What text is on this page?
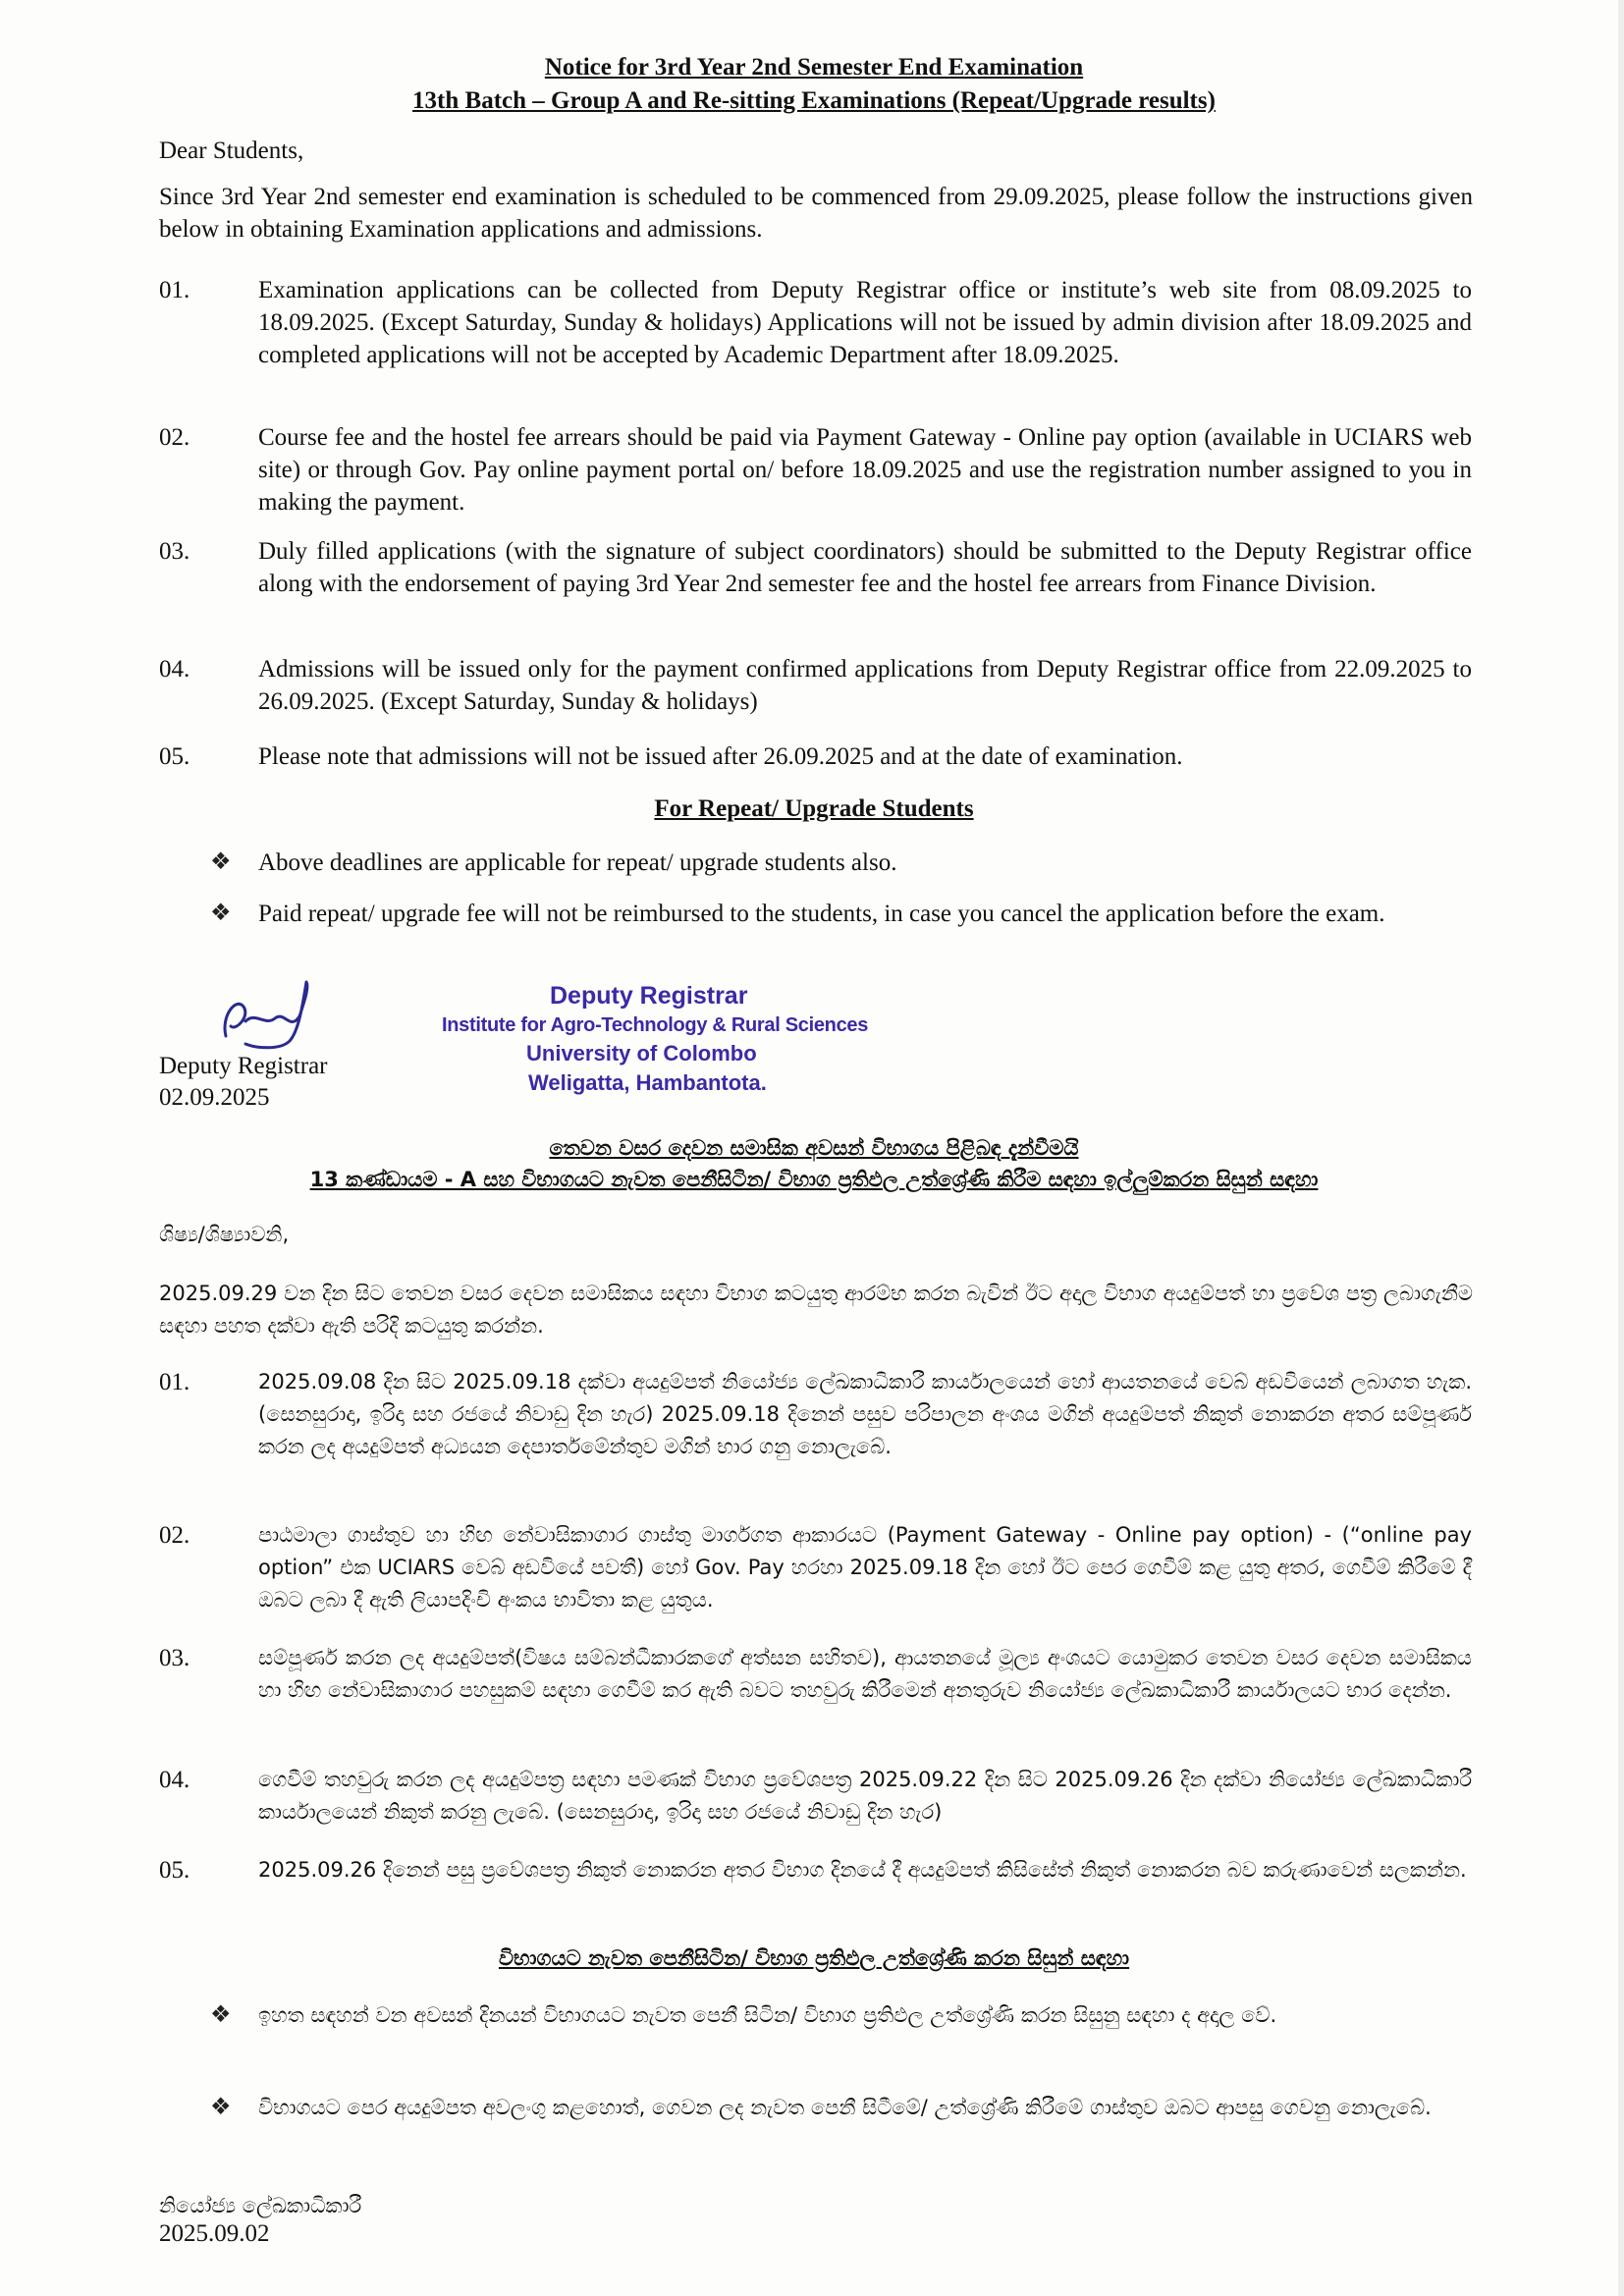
Notice for 3rd Year 2nd Semester End Examination
13th Batch – Group A and Re-sitting Examinations (Repeat/Upgrade results)
Dear Students,
Since 3rd Year 2nd semester end examination is scheduled to be commenced from 29.09.2025, please follow the instructions given below in obtaining Examination applications and admissions.
01.	Examination applications can be collected from Deputy Registrar office or institute’s web site from 08.09.2025 to 18.09.2025. (Except Saturday, Sunday & holidays) Applications will not be issued by admin division after 18.09.2025 and completed applications will not be accepted by Academic Department after 18.09.2025.
02.	Course fee and the hostel fee arrears should be paid via Payment Gateway - Online pay option (available in UCIARS web site) or through Gov. Pay online payment portal on/ before 18.09.2025 and use the registration number assigned to you in making the payment.
03.	Duly filled applications (with the signature of subject coordinators) should be submitted to the Deputy Registrar office along with the endorsement of paying 3rd Year 2nd semester fee and the hostel fee arrears from Finance Division.
04.	Admissions will be issued only for the payment confirmed applications from Deputy Registrar office from 22.09.2025 to 26.09.2025. (Except Saturday, Sunday & holidays)
05.	Please note that admissions will not be issued after 26.09.2025 and at the date of examination.
For Repeat/ Upgrade Students
❖ Above deadlines are applicable for repeat/ upgrade students also.
❖ Paid repeat/ upgrade fee will not be reimbursed to the students, in case you cancel the application before the exam.
Deputy Registrar
02.09.2025
Deputy Registrar
Institute for Agro-Technology & Rural Sciences
University of Colombo
Weligatta, Hambantota.
තෙවන වසර දෙවන සමාසික අවසන් විභාගය පිළිබඳ දැන්වීමයි
13 කණ්ඩායම - A සහ විභාගයට නැවත පෙනීසිටින/ විභාග ප්‍රතිඵල උත්ශ්‍රේණි කිරීම සඳහා ඉල්ලුම්කරන සිසුන් සඳහා
ශිෂ්‍ය/ශිෂ්‍යාවනි,
2025.09.29 වන දින සිට තෙවන වසර දෙවන සමාසිකය සඳහා විභාග කටයුතු ආරම්භ කරන බැවින් ඊට අදාල විභාග අයදුම්පත් හා ප්‍රවේශ පත්‍ර ලබාගැනීම සඳහා පහත දක්වා ඇති පරිදි කටයුතු කරන්න.
01.	2025.09.08 දින සිට 2025.09.18 දක්වා අයදුම්පත් නියෝජ්‍ය ලේඛකාධිකාරී කාර්යාලයෙන් හෝ ආයතනයේ වෙබ් අඩවියෙන් ලබාගත හැක. (සෙනසුරාදා, ඉරිදා සහ රජයේ නිවාඩු දින හැර) 2025.09.18 දිනෙන් පසුව පරිපාලන අංශය මගින් අයදුම්පත් නිකුත් නොකරන අතර සම්පූර්ණ කරන ලද අයදුම්පත් අධ්‍යයන දෙපාර්තමේන්තුව මගින් භාර ගනු නොලැබේ.
02.	පාඨමාලා ගාස්තුව හා හිඟ නේවාසිකාගාර ගාස්තු මාර්ගගත ආකාරයට (Payment Gateway - Online pay option) - (“online pay option” එක UCIARS වෙබ් අඩවියේ පවතී) හෝ Gov. Pay හරහා 2025.09.18 දින හෝ ඊට පෙර ගෙවීම් කළ යුතු අතර, ගෙවීම් කිරීමේ දී ඔබට ලබා දී ඇති ලියාපදිංචි අංකය භාවිතා කළ යුතුය.
03.	සම්පූර්ණ කරන ලද අයදුම්පත්(විෂය සම්බන්ධීකාරකගේ අත්සන සහිතව), ආයතනයේ මූල්‍ය අංශයට යොමුකර තෙවන වසර දෙවන සමාසිකය හා හිඟ නේවාසිකාගාර පහසුකම් සඳහා ගෙවීම් කර ඇති බවට තහවුරු කිරීමෙන් අනතුරුව නියෝජ්‍ය ලේඛකාධිකාරී කාර්යාලයට භාර දෙන්න.
04.	ගෙවීම් තහවුරු කරන ලද අයදුම්පත්‍ර සඳහා පමණක් විභාග ප්‍රවේශපත්‍ර 2025.09.22 දින සිට 2025.09.26 දින දක්වා නියෝජ්‍ය ලේඛකාධිකාරී කාර්යාලයෙන් නිකුත් කරනු ලැබේ. (සෙනසුරාදා, ඉරිදා සහ රජයේ නිවාඩු දින හැර)
05.	2025.09.26 දිනෙන් පසු ප්‍රවේශපත්‍ර නිකුත් නොකරන අතර විභාග දිනයේ දී අයදුම්පත් කිසිසේත් නිකුත් නොකරන බව කරුණාවෙන් සලකන්න.
විභාගයට නැවත පෙනීසිටින/ විභාග ප්‍රතිඵල උත්ශ්‍රේණි කරන සිසුන් සඳහා
❖ ඉහත සඳහන් වන අවසන් දිනයන් විභාගයට නැවත පෙනී සිටින/ විභාග ප්‍රතිඵල උත්ශ්‍රේණි කරන සිසුනු සඳහා ද අදාල වේ.
❖ විභාගයට පෙර අයදුම්පත අවලංගු කළහොත්, ගෙවන ලද නැවත පෙනී සිටීමේ/ උත්ශ්‍රේණි කිරීමේ ගාස්තුව ඔබට ආපසු ගෙවනු නොලැබේ.
නියෝජ්‍ය ලේඛකාධිකාරී
2025.09.02
